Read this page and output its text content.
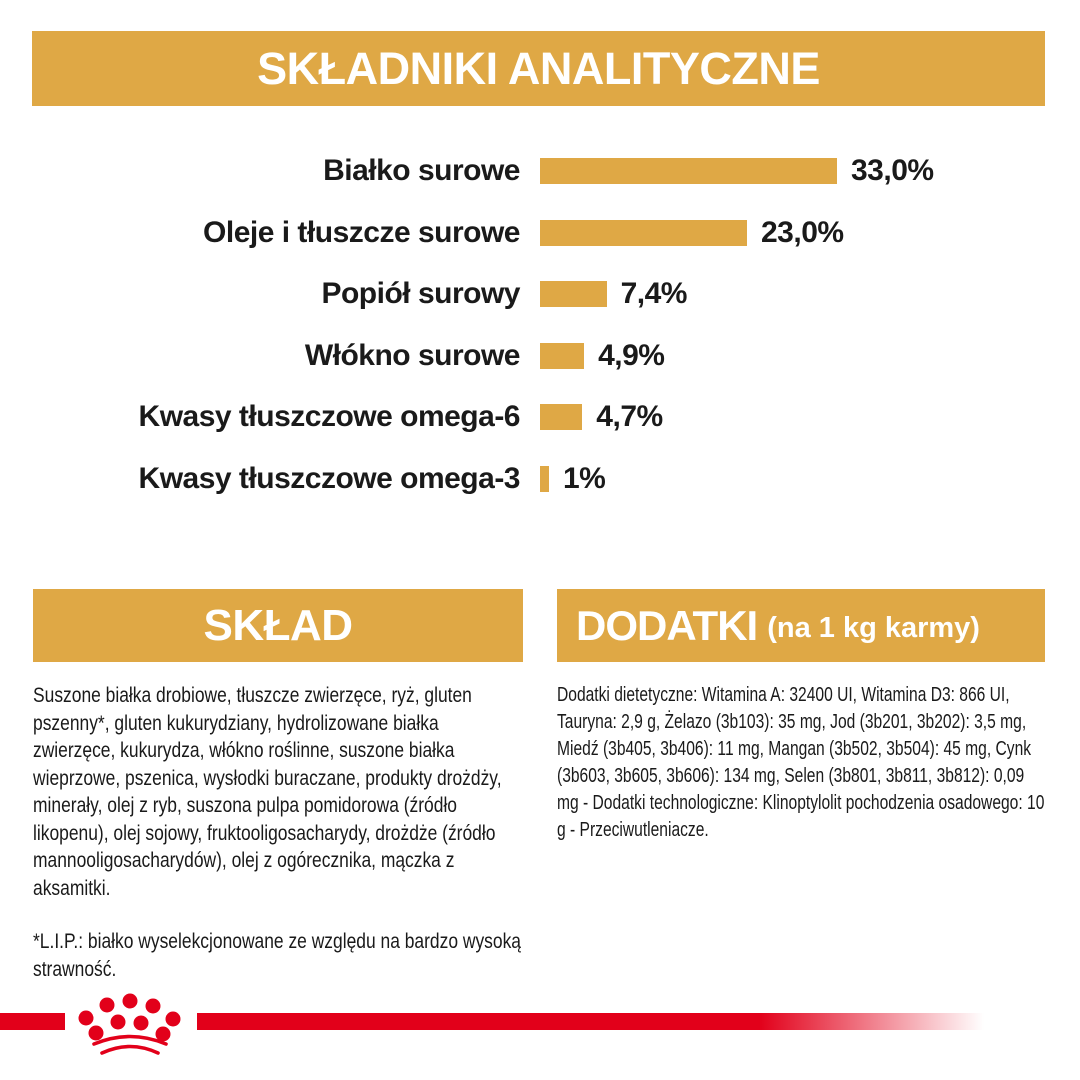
SKŁADNIKI ANALITYCZNE
Białko surowe	33,0%
Oleje i tłuszcze surowe	23,0%
Popiół surowy	7,4%
Włókno surowe	4,9%
Kwasy tłuszczowe omega-6	4,7%
Kwasy tłuszczowe omega-3	1%
SKŁAD

Suszone białka drobiowe, tłuszcze zwierzęce, ryż, gluten pszenny*, gluten kukurydziany, hydrolizowane białka zwierzęce, kukurydza, włókno roślinne, suszone białka wieprzowe, pszenica, wysłodki buraczane, produkty drożdży, minerały, olej z ryb, suszona pulpa pomidorowa (źródło likopenu), olej sojowy, fruktooligosacharydy, drożdże (źródło mannooligosacharydów), olej z ogórecznika, mączka z aksamitki.

*L.I.P.: białko wyselekcjonowane ze względu na bardzo wysoką strawność.

DODATKI (na 1 kg karmy)

Dodatki dietetyczne: Witamina A: 32400 UI, Witamina D3: 866 UI, Tauryna: 2,9 g, Żelazo (3b103): 35 mg, Jod (3b201, 3b202): 3,5 mg, Miedź (3b405, 3b406): 11 mg, Mangan (3b502, 3b504): 45 mg, Cynk (3b603, 3b605, 3b606): 134 mg, Selen (3b801, 3b811, 3b812): 0,09 mg - Dodatki technologiczne: Klinoptylolit pochodzenia osadowego: 10 g - Przeciwutleniacze.
